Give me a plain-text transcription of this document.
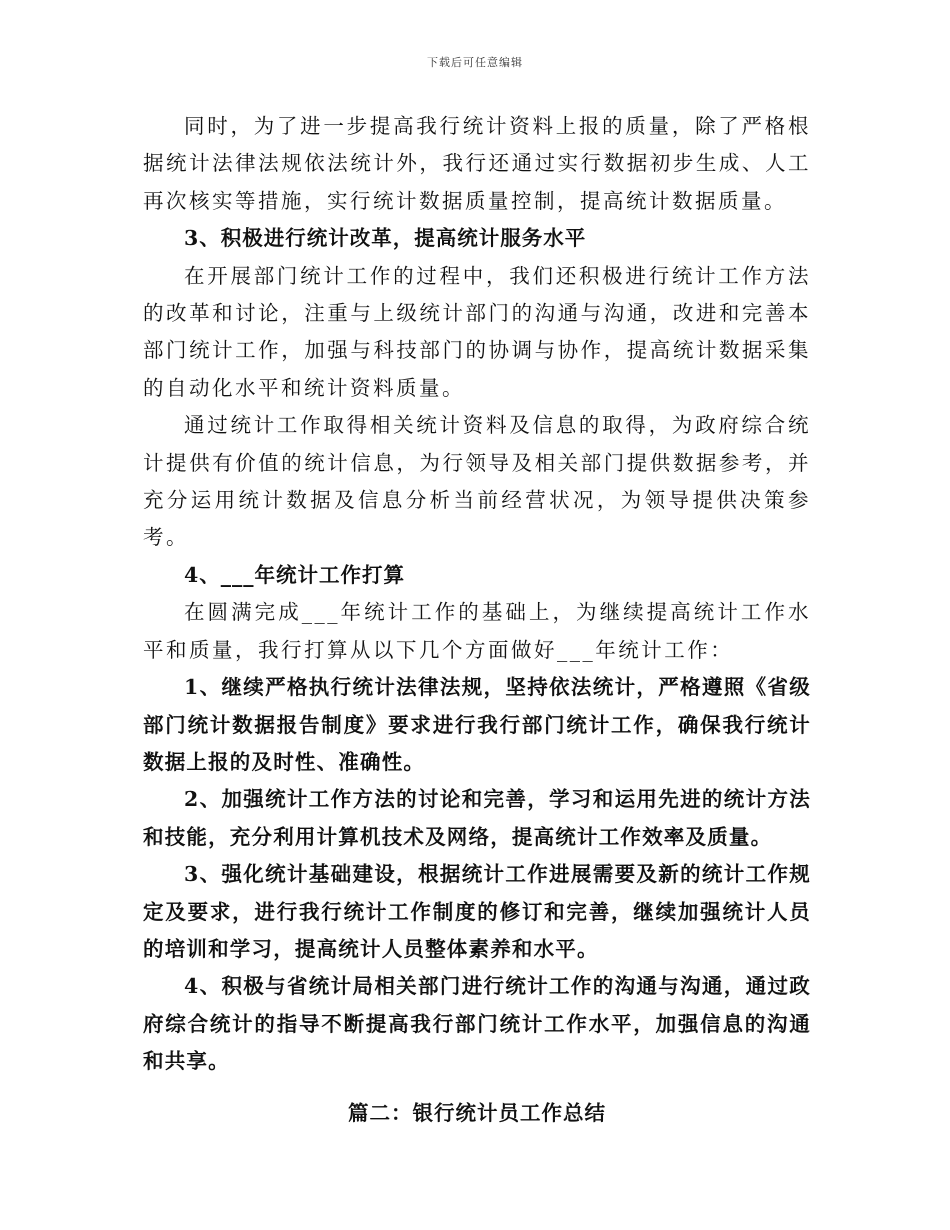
下载后可任意编辑

同时，为了进一步提高我行统计资料上报的质量，除了严格根据统计法律法规依法统计外，我行还通过实行数据初步生成、人工再次核实等措施，实行统计数据质量控制，提高统计数据质量。

3、积极进行统计改革，提高统计服务水平

在开展部门统计工作的过程中，我们还积极进行统计工作方法的改革和讨论，注重与上级统计部门的沟通与沟通，改进和完善本部门统计工作，加强与科技部门的协调与协作，提高统计数据采集的自动化水平和统计资料质量。

通过统计工作取得相关统计资料及信息的取得，为政府综合统计提供有价值的统计信息，为行领导及相关部门提供数据参考，并充分运用统计数据及信息分析当前经营状况，为领导提供决策参考。

4、___年统计工作打算

在圆满完成___年统计工作的基础上，为继续提高统计工作水平和质量，我行打算从以下几个方面做好___年统计工作：

1、继续严格执行统计法律法规，坚持依法统计，严格遵照《省级部门统计数据报告制度》要求进行我行部门统计工作，确保我行统计数据上报的及时性、准确性。

2、加强统计工作方法的讨论和完善，学习和运用先进的统计方法和技能，充分利用计算机技术及网络，提高统计工作效率及质量。

3、强化统计基础建设，根据统计工作进展需要及新的统计工作规定及要求，进行我行统计工作制度的修订和完善，继续加强统计人员的培训和学习，提高统计人员整体素养和水平。

4、积极与省统计局相关部门进行统计工作的沟通与沟通，通过政府综合统计的指导不断提高我行部门统计工作水平，加强信息的沟通和共享。

篇二：银行统计员工作总结
